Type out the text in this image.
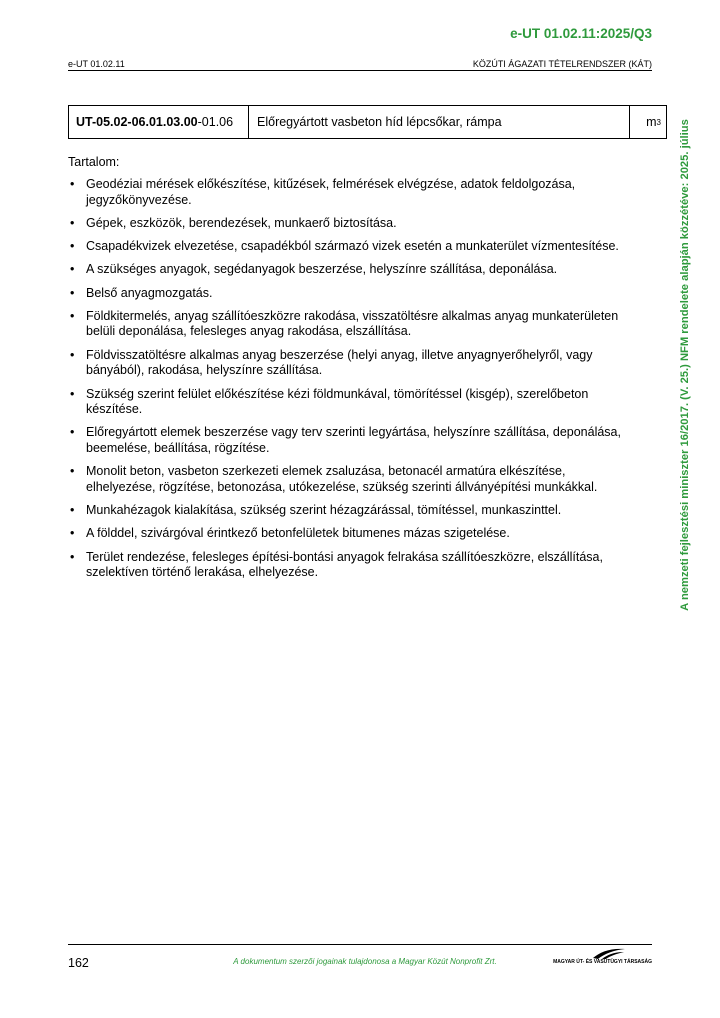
e-UT 01.02.11:2025/Q3
e-UT 01.02.11	KÖZÚTI ÁGAZATI TÉTELRENDSZER (KÁT)
UT-05.02-06.01.03.00 -01.06	Előregyártott vasbeton híd lépcsőkar, rámpa	m 3
Tartalom:
• Geodéziai mérések előkészítése, kitűzések, felmérések elvégzése, adatok feldolgozása, jegyzőkönyvezése.
• Gépek, eszközök, berendezések, munkaerő biztosítása.
• Csapadékvizek elvezetése, csapadékból származó vizek esetén a munkaterület vízmentesítése.
• A szükséges anyagok, segédanyagok beszerzése, helyszínre szállítása, deponálása.
• Belső anyagmozgatás.
• Földkitermelés, anyag szállítóeszközre rakodása, visszatöltésre alkalmas anyag munkaterületen belüli deponálása, felesleges anyag rakodása, elszállítása.
• Földvisszatöltésre alkalmas anyag beszerzése (helyi anyag, illetve anyagnyerőhelyről, vagy bányából), rakodása, helyszínre szállítása.
• Szükség szerint felület előkészítése kézi földmunkával, tömörítéssel (kisgép), szerelőbeton készítése.
• Előregyártott elemek beszerzése vagy terv szerinti legyártása, helyszínre szállítása, deponálása, beemelése, beállítása, rögzítése.
• Monolit beton, vasbeton szerkezeti elemek zsaluzása, betonacél armatúra elkészítése, elhelyezése, rögzítése, betonozása, utókezelése, szükség szerinti állványépítési munkákkal.
• Munkahézagok kialakítása, szükség szerint hézagzárással, tömítéssel, munkaszinttel.
• A földdel, szivárgóval érintkező betonfelületek bitumenes mázas szigetelése.
• Terület rendezése, felesleges építési-bontási anyagok felrakása szállítóeszközre, elszállítása, szelektíven történő lerakása, elhelyezése.	A nemzeti fejlesztési miniszter 16/2017. (V. 25.) NFM rendelete alapján közzétéve: 2025. július
162	A dokumentum szerzői jogainak tulajdonosa a Magyar Közút Nonprofit Zrt.	MAGYAR ÚT- ÉS VASÚTÜGYI TÁRSASÁG
